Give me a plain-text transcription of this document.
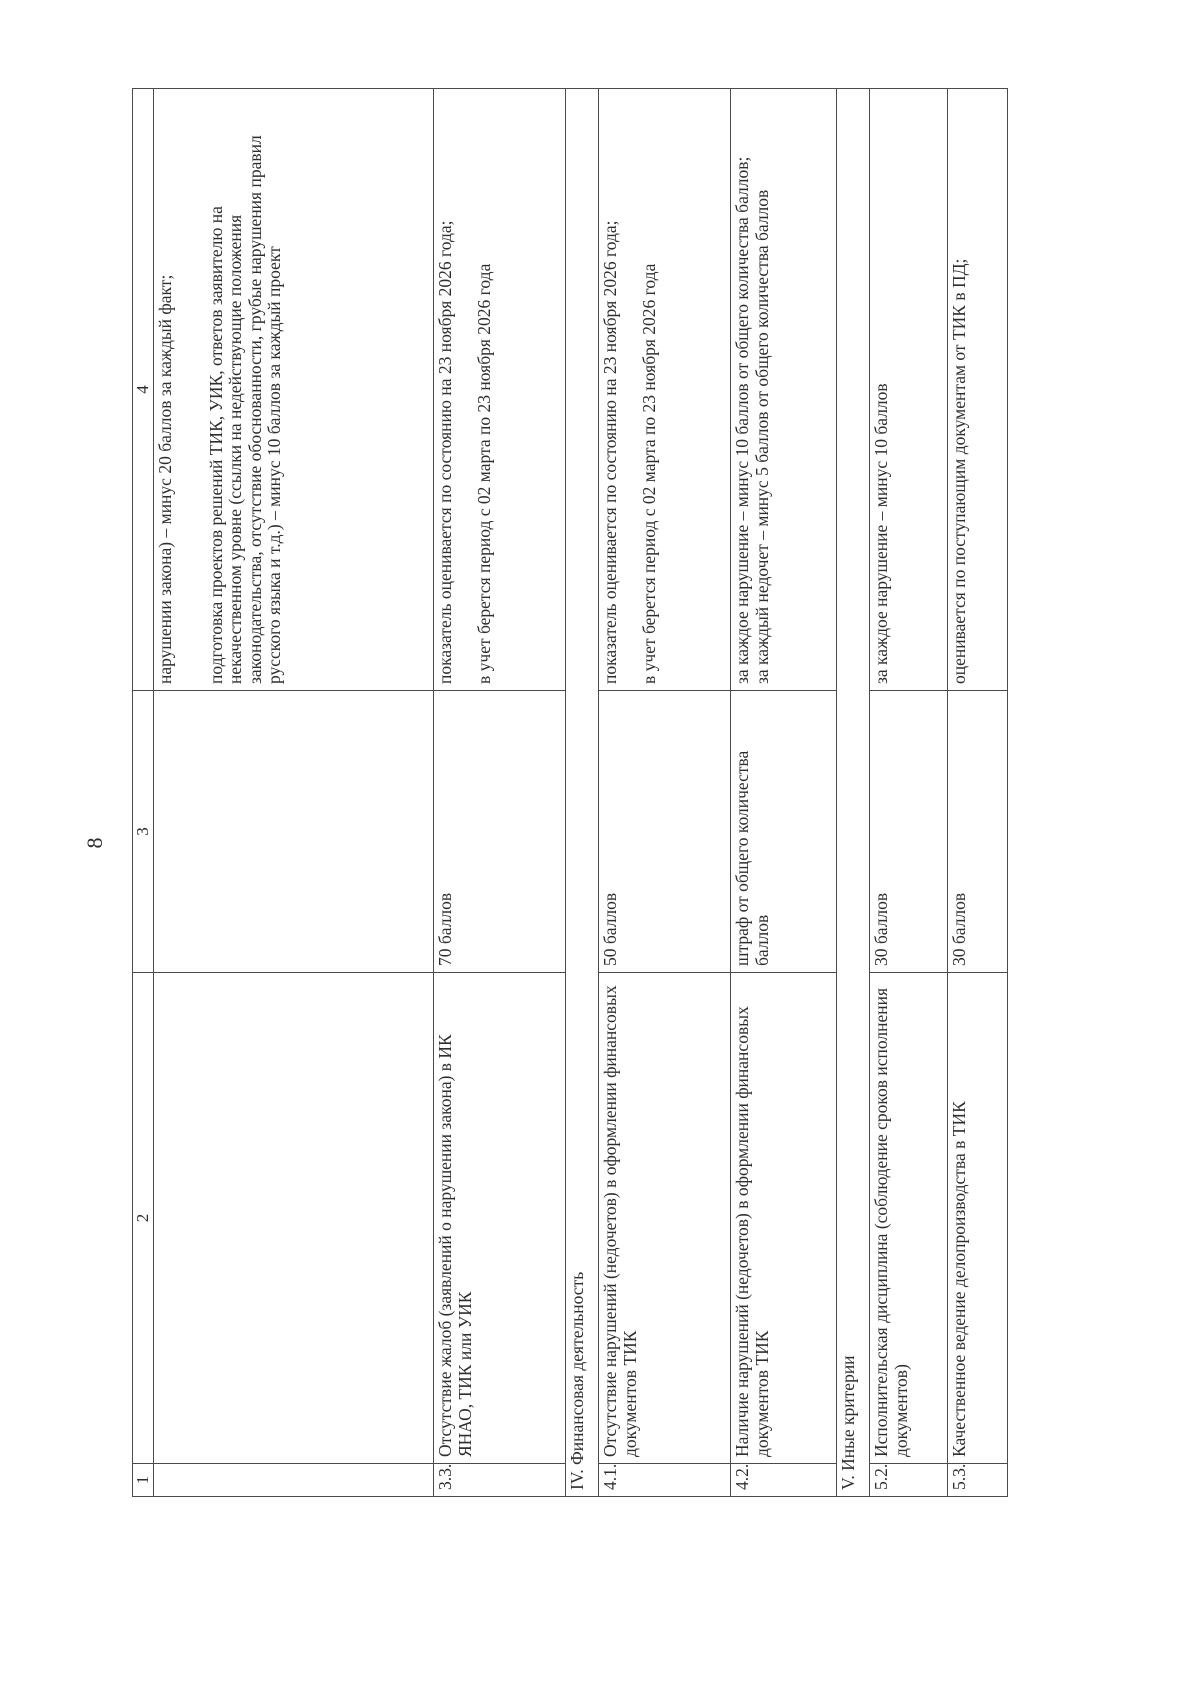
8
1	2	3	4
			нарушении закона) – минус 20 баллов за каждый факт; подготовка проектов решений ТИК, УИК, ответов заявителю на некачественном уровне (ссылки на недействующие положения законодательства, отсутствие обоснованности, грубые нарушения правил русского языка и т.д.) – минус 10 баллов за каждый проект
3.3.	Отсутствие жалоб (заявлений о нарушении закона) в ИК ЯНАО, ТИК или УИК	70 баллов	показатель оценивается по состоянию на 23 ноября 2026 года; в учет берется период с 02 марта по 23 ноября 2026 года
IV. Финансовая деятельность			
4.1.	Отсутствие нарушений (недочетов) в оформлении финансовых документов ТИК	50 баллов	показатель оценивается по состоянию на 23 ноября 2026 года; в учет берется период с 02 марта по 23 ноября 2026 года
4.2.	Наличие нарушений (недочетов) в оформлении финансовых документов ТИК	штраф от общего количества баллов	за каждое нарушение – минус 10 баллов от общего количества баллов;
за каждый недочет – минус 5 баллов от общего количества баллов
V. Иные критерии			
5.2.	Исполнительская дисциплина (соблюдение сроков исполнения документов)	30 баллов	за каждое нарушение – минус 10 баллов
5.3.	Качественное ведение делопроизводства в ТИК	30 баллов	оценивается по поступающим документам от ТИК в ПД;
